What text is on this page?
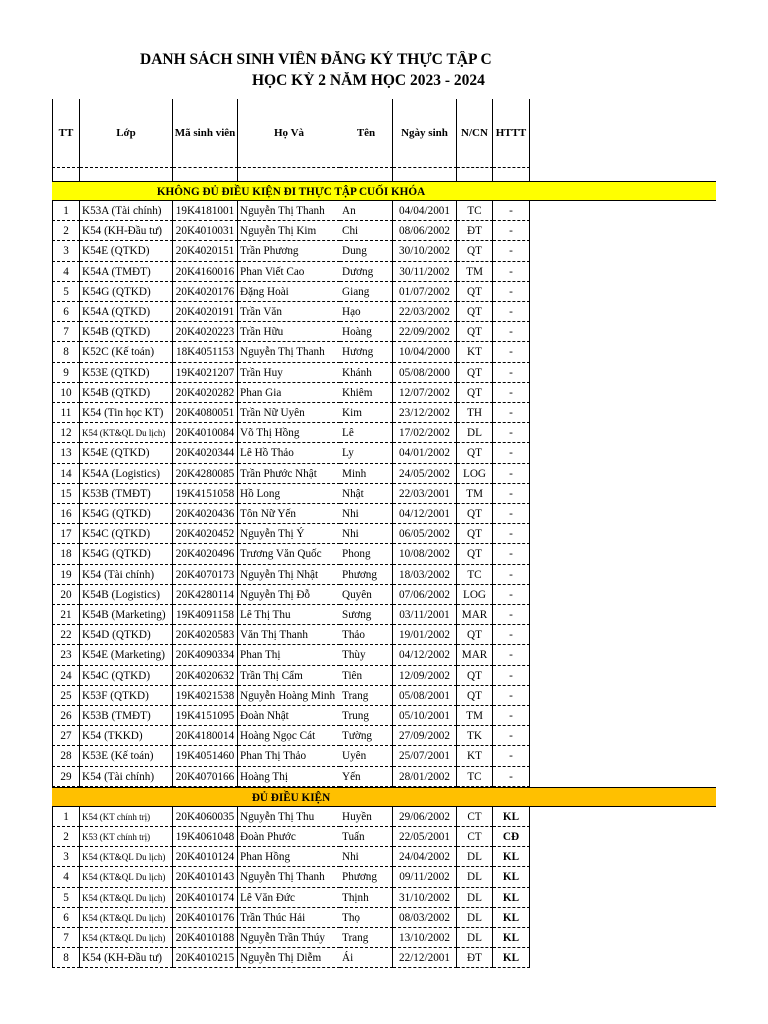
DANH SÁCH SINH VIÊN ĐĂNG KÝ THỰC TẬP C
HỌC KỲ 2 NĂM HỌC 2023 - 2024
TT	Lớp	Mã sinh viên	Họ Và	Tên	Ngày sinh	N/CN HTTT
KHÔNG ĐỦ ĐIỀU KIỆN ĐI THỰC TẬP CUỐI KHÓA
1	K53A (Tài chính)	19K4181001 Nguyễn Thị Thanh	An	04/04/2001	TC	-
2	K54 (KH-Đầu tư)	20K4010031 Nguyễn Thị Kim	Chi	08/06/2002	ĐT	-
3	K54E (QTKD)	20K4020151 Trần Phương	Dung	30/10/2002	QT	-
4	K54A (TMĐT)	20K4160016 Phan Viết Cao	Dương	30/11/2002	TM	-
5	K54G (QTKD)	20K4020176 Đặng Hoài	Giang	01/07/2002	QT	-
6	K54A (QTKD)	20K4020191 Trần Văn	Hạo	22/03/2002	QT	-
7	K54B (QTKD)	20K4020223 Trần Hữu	Hoàng	22/09/2002	QT	-
8	K52C (Kế toán)	18K4051153 Nguyễn Thị Thanh	Hương	10/04/2000	KT	-
9	K53E (QTKD)	19K4021207 Trần Huy	Khánh	05/08/2000	QT	-
10 K54B (QTKD)	20K4020282 Phan Gia	Khiêm	12/07/2002	QT	-
11 K54 (Tin học KT)	20K4080051 Trần Nữ Uyên	Kim	23/12/2002	TH	-
12	K54 (KT&QL Du lịch) 20K4010084 Võ Thị Hồng	Lê	17/02/2002	DL	-
13 K54E (QTKD)	20K4020344 Lê Hồ Thảo	Ly	04/01/2002	QT	-
14 K54A (Logistics)	20K4280085 Trần Phước Nhật	Minh	24/05/2002	LOG	-
15 K53B (TMĐT)	19K4151058 Hồ Long	Nhật	22/03/2001	TM	-
16 K54G (QTKD)	20K4020436 Tôn Nữ Yến	Nhi	04/12/2001	QT	-
17 K54C (QTKD)	20K4020452 Nguyễn Thị Ý	Nhi	06/05/2002	QT	-
18 K54G (QTKD)	20K4020496 Trương Văn Quốc	Phong	10/08/2002	QT	-
19 K54 (Tài chính)	20K4070173 Nguyễn Thị Nhật	Phương	18/03/2002	TC	-
20 K54B (Logistics)	20K4280114 Nguyễn Thị Đỗ	Quyên	07/06/2002	LOG	-
21 K54B (Marketing) 19K4091158 Lê Thị Thu	Sương	03/11/2001	MAR	-
22 K54D (QTKD)	20K4020583 Văn Thị Thanh	Thảo	19/01/2002	QT	-
23 K54E (Marketing) 20K4090334 Phan Thị	Thùy	04/12/2002	MAR	-
24 K54C (QTKD)	20K4020632 Trần Thị Cẩm	Tiên	12/09/2002	QT	-
25 K53F (QTKD)	19K4021538 Nguyễn Hoàng Minh Trang	05/08/2001	QT	-
26 K53B (TMĐT)	19K4151095 Đoàn Nhật	Trung	05/10/2001	TM	-
27 K54 (TKKD)	20K4180014 Hoàng Ngọc Cát	Tường	27/09/2002	TK	-
28 K53E (Kế toán)	19K4051460 Phan Thị Thảo	Uyên	25/07/2001	KT	-
29 K54 (Tài chính)	20K4070166 Hoàng Thị	Yến	28/01/2002	TC	-
ĐỦ ĐIỀU KIỆN
1	K54 (KT chính trị)	20K4060035 Nguyễn Thị Thu	Huyền	29/06/2002	CT	KL
2	K53 (KT chính trị)	19K4061048 Đoàn Phước	Tuấn	22/05/2001	CT	CĐ
3	K54 (KT&QL Du lịch) 20K4010124 Phan Hồng	Nhi	24/04/2002	DL	KL
4	K54 (KT&QL Du lịch) 20K4010143 Nguyễn Thị Thanh	Phương	09/11/2002	DL	KL
5	K54 (KT&QL Du lịch) 20K4010174 Lê Văn Đức	Thịnh	31/10/2002	DL	KL
6	K54 (KT&QL Du lịch) 20K4010176 Trần Thúc Hải	Thọ	08/03/2002	DL	KL
7	K54 (KT&QL Du lịch) 20K4010188 Nguyễn Trần Thúy	Trang	13/10/2002	DL	KL
8	K54 (KH-Đầu tư)	20K4010215 Nguyễn Thị Diễm	Ái	22/12/2001	ĐT	KL
